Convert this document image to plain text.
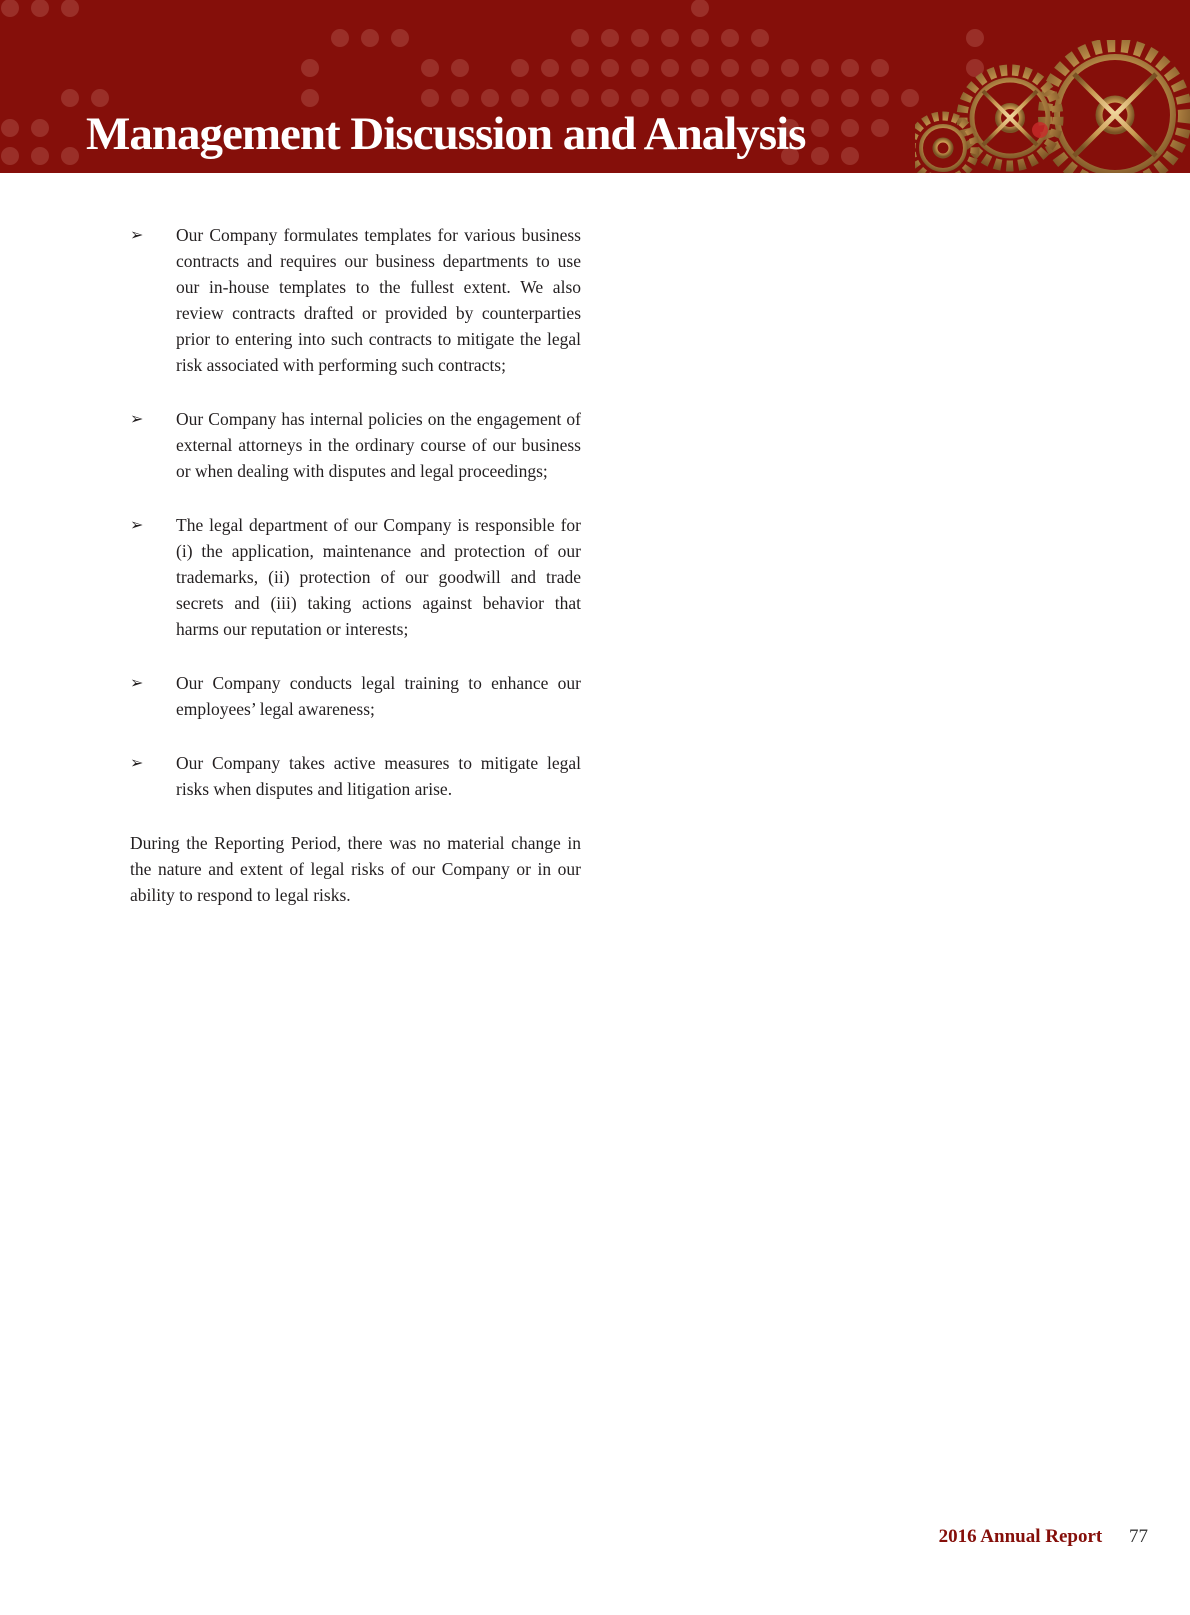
Management Discussion and Analysis
➢ Our Company formulates templates for various business contracts and requires our business departments to use our in-house templates to the fullest extent. We also review contracts drafted or provided by counterparties prior to entering into such contracts to mitigate the legal risk associated with performing such contracts;
➢ Our Company has internal policies on the engagement of external attorneys in the ordinary course of our business or when dealing with disputes and legal proceedings;
➢ The legal department of our Company is responsible for (i) the application, maintenance and protection of our trademarks, (ii) protection of our goodwill and trade secrets and (iii) taking actions against behavior that harms our reputation or interests;
➢ Our Company conducts legal training to enhance our employees’ legal awareness;
➢ Our Company takes active measures to mitigate legal risks when disputes and litigation arise.

During the Reporting Period, there was no material change in the nature and extent of legal risks of our Company or in our ability to respond to legal risks.

2016 Annual Report 77
